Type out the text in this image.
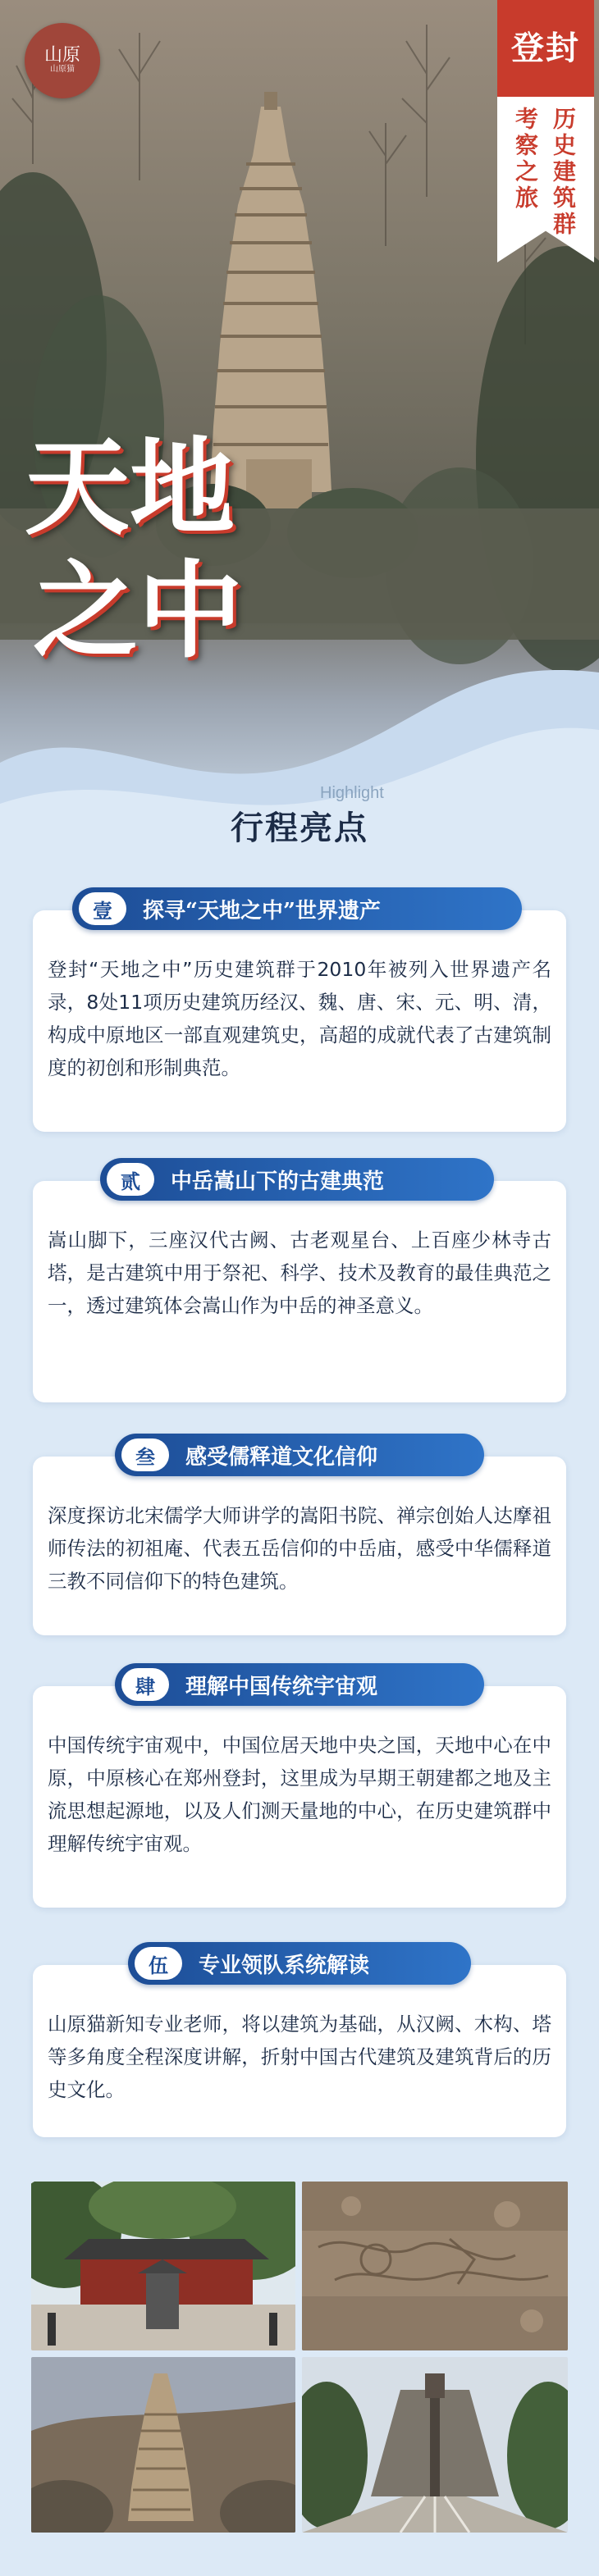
山原
山原猫
登封
历史建筑群
考察之旅
天地
之中
Highlight
行程亮点
登封“天地之中”历史建筑群于2010年被列入世界遗产名录，8处11项历史建筑历经汉、魏、唐、宋、元、明、清，构成中原地区一部直观建筑史，高超的成就代表了古建筑制度的初创和形制典范。
壹	探寻“天地之中”世界遗产
嵩山脚下，三座汉代古阙、古老观星台、上百座少林寺古塔，是古建筑中用于祭祀、科学、技术及教育的最佳典范之一，透过建筑体会嵩山作为中岳的神圣意义。
贰	中岳嵩山下的古建典范
深度探访北宋儒学大师讲学的嵩阳书院、禅宗创始人达摩祖师传法的初祖庵、代表五岳信仰的中岳庙，感受中华儒释道三教不同信仰下的特色建筑。
叁	感受儒释道文化信仰
中国传统宇宙观中，中国位居天地中央之国，天地中心在中原，中原核心在郑州登封，这里成为早期王朝建都之地及主流思想起源地，以及人们测天量地的中心，在历史建筑群中理解传统宇宙观。
肆	理解中国传统宇宙观
山原猫新知专业老师，将以建筑为基础，从汉阙、木构、塔等多角度全程深度讲解，折射中国古代建筑及建筑背后的历史文化。
伍	专业领队系统解读
